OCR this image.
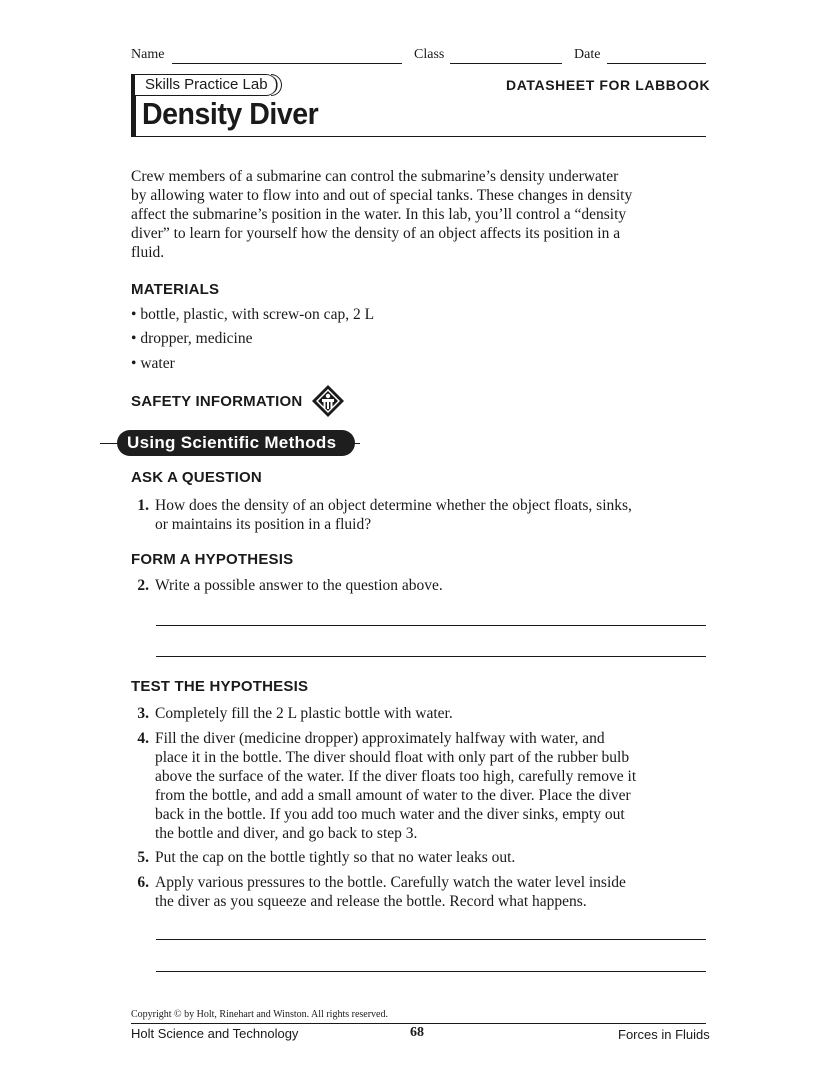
Name	Class	Date
Skills Practice Lab
Density Diver
DATASHEET FOR LABBOOK
Crew members of a submarine can control the submarine’s density underwater
by allowing water to flow into and out of special tanks. These changes in density
affect the submarine’s position in the water. In this lab, you’ll control a “density
diver” to learn for yourself how the density of an object affects its position in a
fluid.
MATERIALS
• bottle, plastic, with screw-on cap, 2 L
• dropper, medicine
• water
SAFETY INFORMATION
Using Scientific Methods
ASK A QUESTION
1. How does the density of an object determine whether the object floats, sinks,
or maintains its position in a fluid?
FORM A HYPOTHESIS
2. Write a possible answer to the question above.
TEST THE HYPOTHESIS
3. Completely fill the 2 L plastic bottle with water.
4. Fill the diver (medicine dropper) approximately halfway with water, and
place it in the bottle. The diver should float with only part of the rubber bulb
above the surface of the water. If the diver floats too high, carefully remove it
from the bottle, and add a small amount of water to the diver. Place the diver
back in the bottle. If you add too much water and the diver sinks, empty out
the bottle and diver, and go back to step 3.
5. Put the cap on the bottle tightly so that no water leaks out.
6. Apply various pressures to the bottle. Carefully watch the water level inside
the diver as you squeeze and release the bottle. Record what happens.
Copyright © by Holt, Rinehart and Winston. All rights reserved.
Holt Science and Technology	68	Forces in Fluids
